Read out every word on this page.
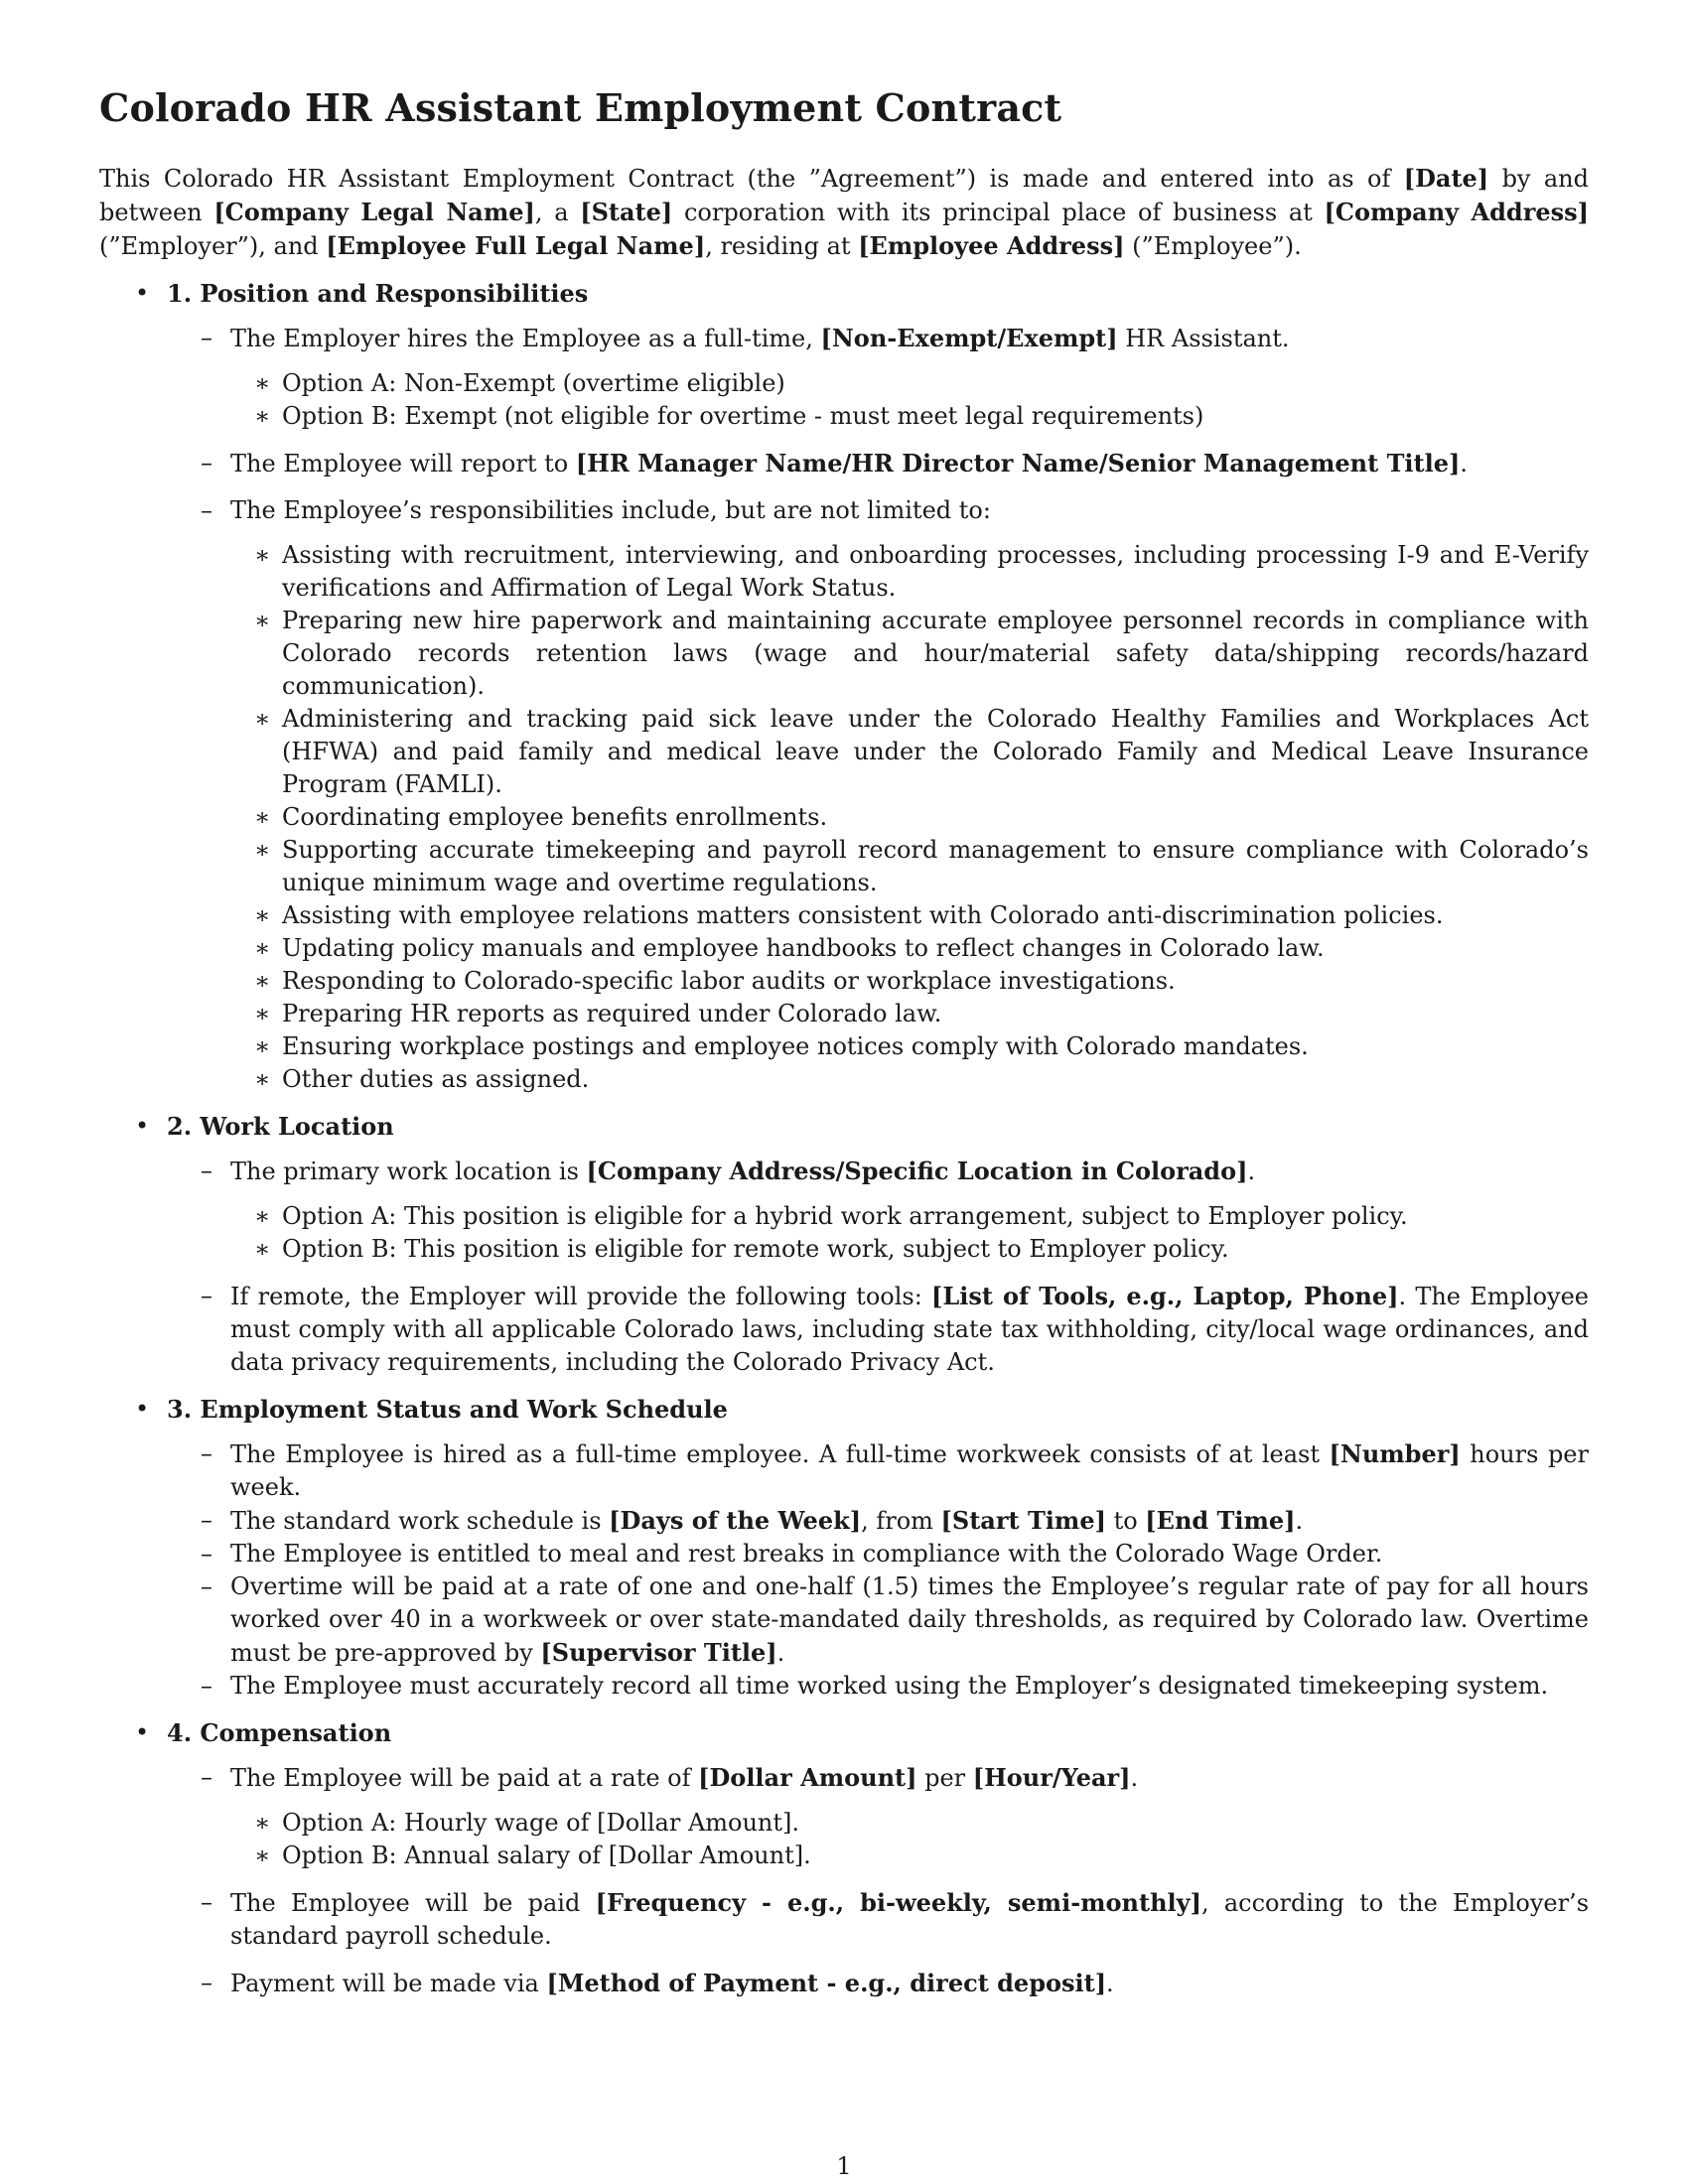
Colorado HR Assistant Employment Contract

This Colorado HR Assistant Employment Contract (the ”Agreement”) is made and entered into as of [Date] by and between [Company Legal Name], a [State] corporation with its principal place of business at [Company Address] (”Employer”), and [Employee Full Legal Name], residing at [Employee Address] (”Employee”).

• 1. Position and Responsibilities
– The Employer hires the Employee as a full-time, [Non-Exempt/Exempt] HR Assistant.
∗ Option A: Non-Exempt (overtime eligible)
∗ Option B: Exempt (not eligible for overtime - must meet legal requirements)
– The Employee will report to [HR Manager Name/HR Director Name/Senior Management Title].
– The Employee’s responsibilities include, but are not limited to:
∗ Assisting with recruitment, interviewing, and onboarding processes, including processing I-9 and E-Verify verifications and Affirmation of Legal Work Status.
∗ Preparing new hire paperwork and maintaining accurate employee personnel records in compliance with Colorado records retention laws (wage and hour/material safety data/shipping records/hazard communication).
∗ Administering and tracking paid sick leave under the Colorado Healthy Families and Workplaces Act (HFWA) and paid family and medical leave under the Colorado Family and Medical Leave Insurance Program (FAMLI).
∗ Coordinating employee benefits enrollments.
∗ Supporting accurate timekeeping and payroll record management to ensure compliance with Colorado’s unique minimum wage and overtime regulations.
∗ Assisting with employee relations matters consistent with Colorado anti-discrimination policies.
∗ Updating policy manuals and employee handbooks to reflect changes in Colorado law.
∗ Responding to Colorado-specific labor audits or workplace investigations.
∗ Preparing HR reports as required under Colorado law.
∗ Ensuring workplace postings and employee notices comply with Colorado mandates.
∗ Other duties as assigned.
• 2. Work Location
– The primary work location is [Company Address/Specific Location in Colorado].
∗ Option A: This position is eligible for a hybrid work arrangement, subject to Employer policy.
∗ Option B: This position is eligible for remote work, subject to Employer policy.
– If remote, the Employer will provide the following tools: [List of Tools, e.g., Laptop, Phone]. The Employee must comply with all applicable Colorado laws, including state tax withholding, city/local wage ordinances, and data privacy requirements, including the Colorado Privacy Act.
• 3. Employment Status and Work Schedule
– The Employee is hired as a full-time employee. A full-time workweek consists of at least [Number] hours per week.
– The standard work schedule is [Days of the Week], from [Start Time] to [End Time].
– The Employee is entitled to meal and rest breaks in compliance with the Colorado Wage Order.
– Overtime will be paid at a rate of one and one-half (1.5) times the Employee’s regular rate of pay for all hours worked over 40 in a workweek or over state-mandated daily thresholds, as required by Colorado law. Overtime must be pre-approved by [Supervisor Title].
– The Employee must accurately record all time worked using the Employer’s designated timekeeping system.
• 4. Compensation
– The Employee will be paid at a rate of [Dollar Amount] per [Hour/Year].
∗ Option A: Hourly wage of [Dollar Amount].
∗ Option B: Annual salary of [Dollar Amount].
– The Employee will be paid [Frequency - e.g., bi-weekly, semi-monthly], according to the Employer’s standard payroll schedule.
– Payment will be made via [Method of Payment - e.g., direct deposit].
1
